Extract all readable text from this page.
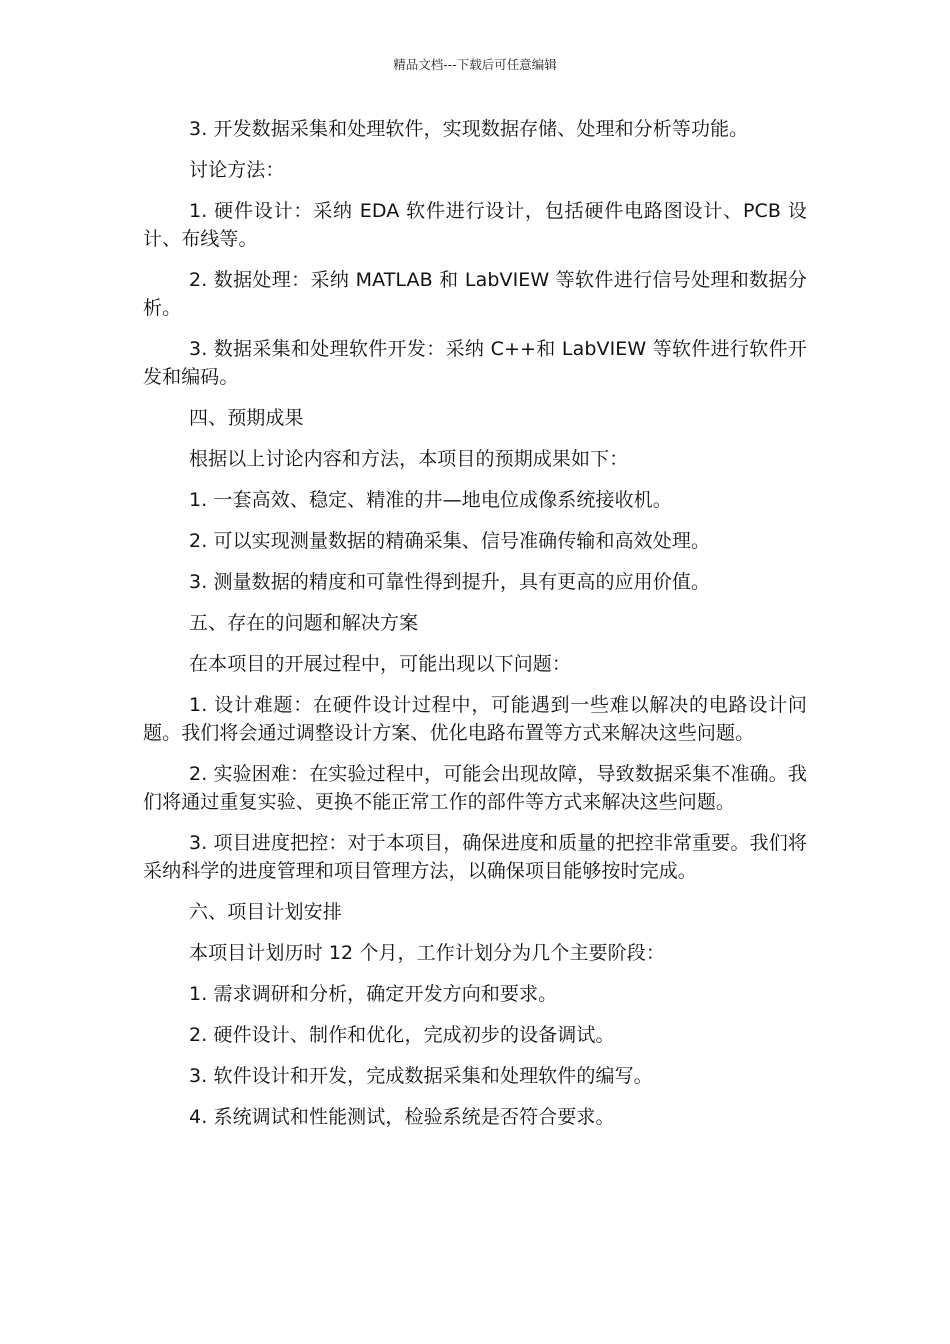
精品文档---下载后可任意编辑

3. 开发数据采集和处理软件，实现数据存储、处理和分析等功能。

讨论方法：

1. 硬件设计：采纳 EDA 软件进行设计，包括硬件电路图设计、PCB 设计、布线等。

2. 数据处理：采纳 MATLAB 和 LabVIEW 等软件进行信号处理和数据分析。

3. 数据采集和处理软件开发：采纳 C++和 LabVIEW 等软件进行软件开发和编码。

四、预期成果

根据以上讨论内容和方法，本项目的预期成果如下：

1. 一套高效、稳定、精准的井—地电位成像系统接收机。

2. 可以实现测量数据的精确采集、信号准确传输和高效处理。

3. 测量数据的精度和可靠性得到提升，具有更高的应用价值。

五、存在的问题和解决方案

在本项目的开展过程中，可能出现以下问题：

1. 设计难题：在硬件设计过程中，可能遇到一些难以解决的电路设计问题。我们将会通过调整设计方案、优化电路布置等方式来解决这些问题。

2. 实验困难：在实验过程中，可能会出现故障，导致数据采集不准确。我们将通过重复实验、更换不能正常工作的部件等方式来解决这些问题。

3. 项目进度把控：对于本项目，确保进度和质量的把控非常重要。我们将采纳科学的进度管理和项目管理方法，以确保项目能够按时完成。

六、项目计划安排

本项目计划历时 12 个月，工作计划分为几个主要阶段：

1. 需求调研和分析，确定开发方向和要求。

2. 硬件设计、制作和优化，完成初步的设备调试。

3. 软件设计和开发，完成数据采集和处理软件的编写。

4. 系统调试和性能测试，检验系统是否符合要求。
